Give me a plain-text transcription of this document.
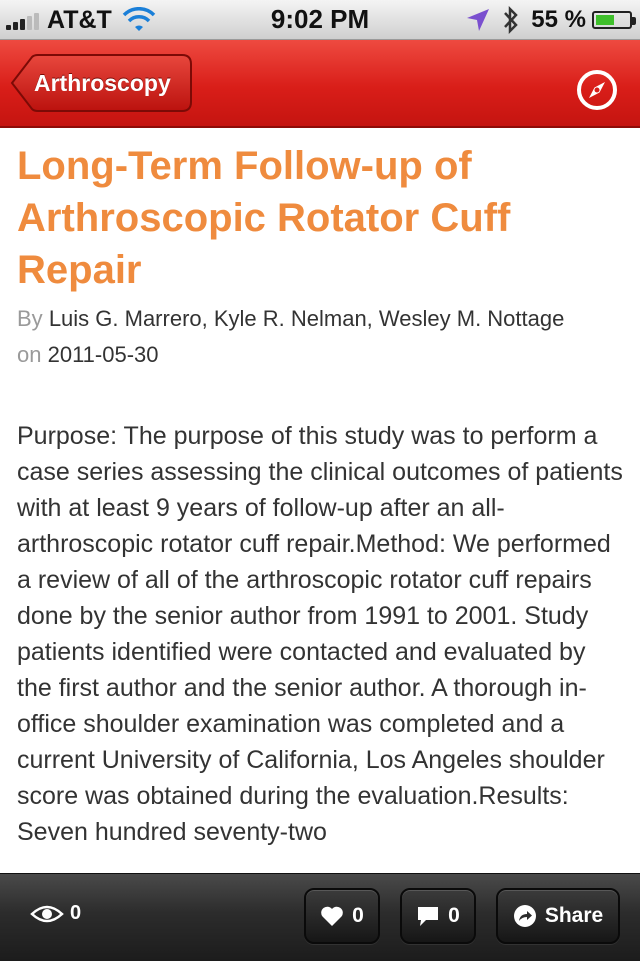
AT&T	9:02 PM	55 %
Arthroscopy
Long-Term Follow-up of Arthroscopic Rotator Cuff Repair
By Luis G. Marrero, Kyle R. Nelman, Wesley M. Nottage
on 2011-05-30

Purpose: The purpose of this study was to perform a case series assessing the clinical outcomes of patients with at least 9 years of follow-up after an all-arthroscopic rotator cuff repair.Method: We performed a review of all of the arthroscopic rotator cuff repairs done by the senior author from 1991 to 2001. Study patients identified were contacted and evaluated by the first author and the senior author. A thorough in-office shoulder examination was completed and a current University of California, Los Angeles shoulder score was obtained during the evaluation.Results: Seven hundred seventy-two

0	0	0	Share
